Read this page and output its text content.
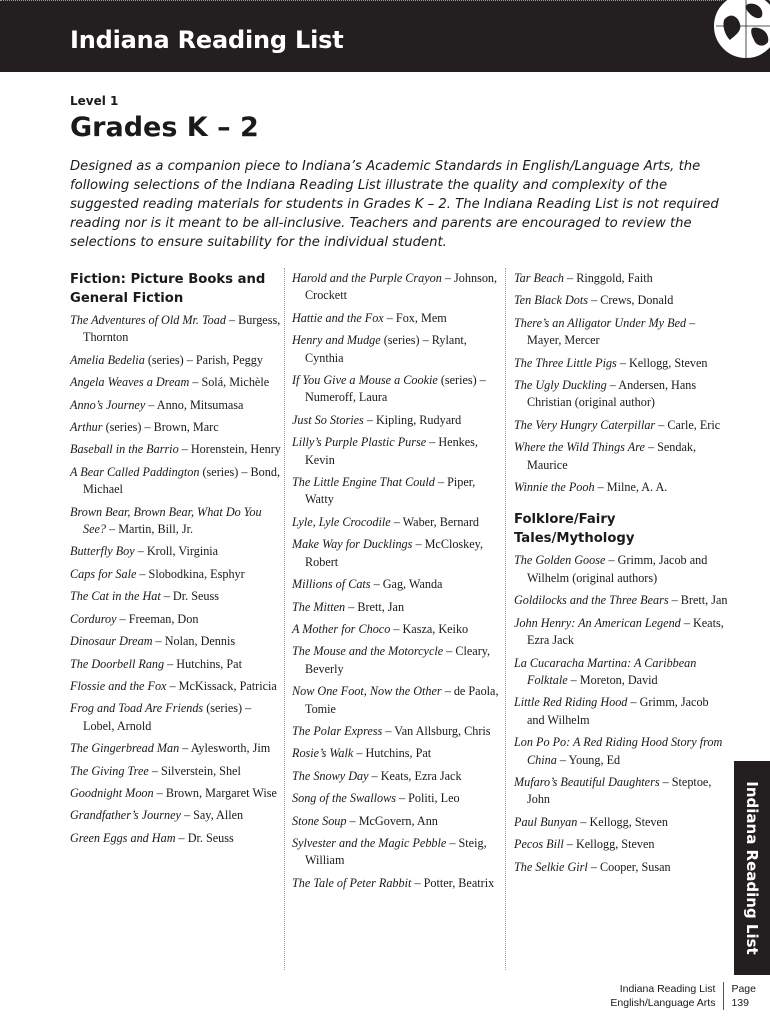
Indiana Reading List
Level 1
Grades K – 2

Designed as a companion piece to Indiana’s Academic Standards in English/Language Arts, the following selections of the Indiana Reading List illustrate the quality and complexity of the suggested reading materials for students in Grades K – 2. The Indiana Reading List is not required reading nor is it meant to be all-inclusive. Teachers and parents are encouraged to review the selections to ensure suitability for the individual student.

Fiction: Picture Books and General Fiction

The Adventures of Old Mr. Toad – Burgess, Thornton

Amelia Bedelia (series) – Parish, Peggy

Angela Weaves a Dream – Solá, Michèle

Anno’s Journey – Anno, Mitsumasa

Arthur (series) – Brown, Marc

Baseball in the Barrio – Horenstein, Henry

A Bear Called Paddington (series) – Bond, Michael

Brown Bear, Brown Bear, What Do You See? – Martin, Bill, Jr.

Butterfly Boy – Kroll, Virginia

Caps for Sale – Slobodkina, Esphyr

The Cat in the Hat – Dr. Seuss

Corduroy – Freeman, Don

Dinosaur Dream – Nolan, Dennis

The Doorbell Rang – Hutchins, Pat

Flossie and the Fox – McKissack, Patricia

Frog and Toad Are Friends (series) – Lobel, Arnold

The Gingerbread Man – Aylesworth, Jim

The Giving Tree – Silverstein, Shel

Goodnight Moon – Brown, Margaret Wise

Grandfather’s Journey – Say, Allen

Green Eggs and Ham – Dr. Seuss

Harold and the Purple Crayon – Johnson, Crockett

Hattie and the Fox – Fox, Mem

Henry and Mudge (series) – Rylant, Cynthia

If You Give a Mouse a Cookie (series) – Numeroff, Laura

Just So Stories – Kipling, Rudyard

Lilly’s Purple Plastic Purse – Henkes, Kevin

The Little Engine That Could – Piper, Watty

Lyle, Lyle Crocodile – Waber, Bernard

Make Way for Ducklings – McCloskey, Robert

Millions of Cats – Gag, Wanda

The Mitten – Brett, Jan

A Mother for Choco – Kasza, Keiko

The Mouse and the Motorcycle – Cleary, Beverly

Now One Foot, Now the Other – de Paola, Tomie

The Polar Express – Van Allsburg, Chris

Rosie’s Walk – Hutchins, Pat

The Snowy Day – Keats, Ezra Jack

Song of the Swallows – Politi, Leo

Stone Soup – McGovern, Ann

Sylvester and the Magic Pebble – Steig, William

The Tale of Peter Rabbit – Potter, Beatrix

Tar Beach – Ringgold, Faith

Ten Black Dots – Crews, Donald

There’s an Alligator Under My Bed – Mayer, Mercer

The Three Little Pigs – Kellogg, Steven

The Ugly Duckling – Andersen, Hans Christian (original author)

The Very Hungry Caterpillar – Carle, Eric

Where the Wild Things Are – Sendak, Maurice

Winnie the Pooh – Milne, A. A.

Folklore/Fairy Tales/Mythology

The Golden Goose – Grimm, Jacob and Wilhelm (original authors)

Goldilocks and the Three Bears – Brett, Jan

John Henry: An American Legend – Keats, Ezra Jack

La Cucaracha Martina: A Caribbean Folktale – Moreton, David

Little Red Riding Hood – Grimm, Jacob and Wilhelm

Lon Po Po: A Red Riding Hood Story from China – Young, Ed

Mufaro’s Beautiful Daughters – Steptoe, John

Paul Bunyan – Kellogg, Steven

Pecos Bill – Kellogg, Steven

The Selkie Girl – Cooper, Susan	Indiana Reading List
Indiana Reading List
English/Language Arts
Page
139
